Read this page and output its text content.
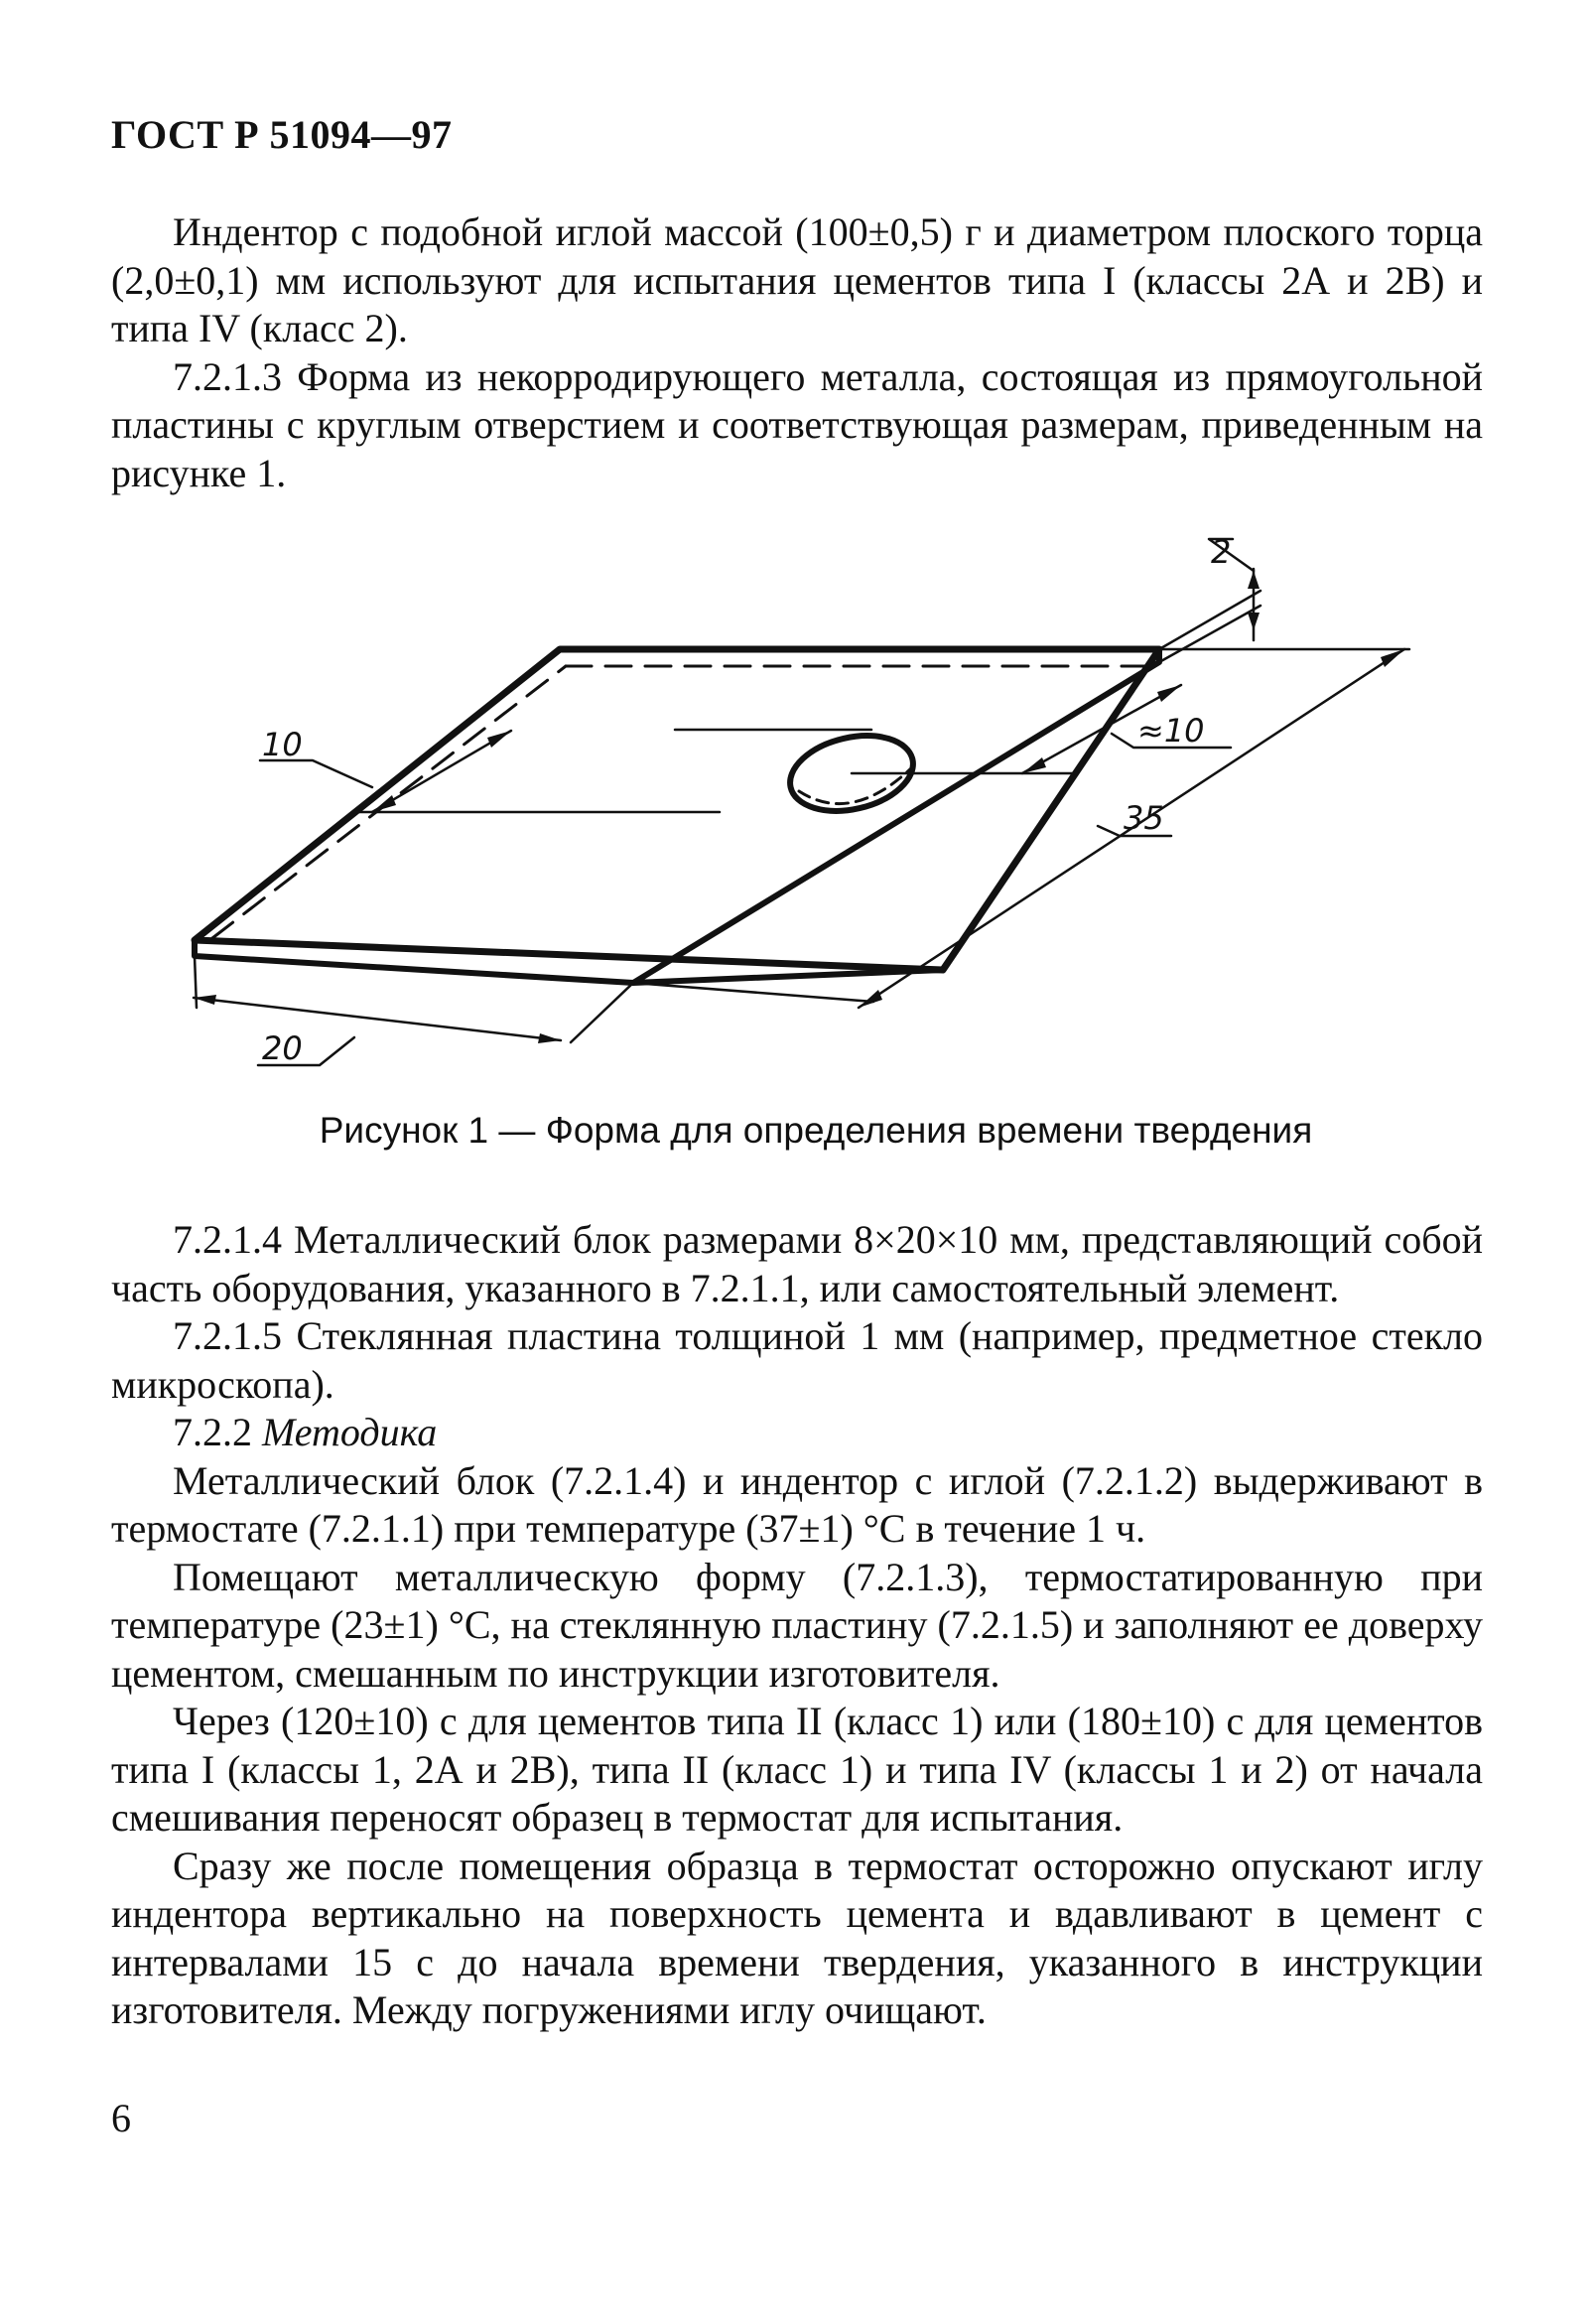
ГОСТ Р 51094—97

Индентор с подобной иглой массой (100±0,5) г и диаметром плоского торца (2,0±0,1) мм используют для испытания цементов типа I (классы 2А и 2В) и типа IV (класс 2).

7.2.1.3 Форма из некорродирующего металла, состоящая из прямоугольной пластины с круглым отверстием и соответствующая размерам, приведенным на рисунке 1.

2
10	≈10
35
20
Рисунок 1 — Форма для определения времени твердения

7.2.1.4 Металлический блок размерами 8×20×10 мм, представляющий собой часть оборудования, указанного в 7.2.1.1, или самостоятельный элемент.

7.2.1.5 Стеклянная пластина толщиной 1 мм (например, предметное стекло микроскопа).

7.2.2 Методика

Металлический блок (7.2.1.4) и индентор с иглой (7.2.1.2) выдерживают в термостате (7.2.1.1) при температуре (37±1) °С в течение 1 ч.

Помещают металлическую форму (7.2.1.3), термостатированную при температуре (23±1) °С, на стеклянную пластину (7.2.1.5) и заполняют ее доверху цементом, смешанным по инструкции изготовителя.

Через (120±10) с для цементов типа II (класс 1) или (180±10) с для цементов типа I (классы 1, 2А и 2В), типа II (класс 1) и типа IV (классы 1 и 2) от начала смешивания переносят образец в термостат для испытания.

Сразу же после помещения образца в термостат осторожно опускают иглу индентора вертикально на поверхность цемента и вдавливают в цемент с интервалами 15 с до начала времени твердения, указанного в инструкции изготовителя. Между погружениями иглу очищают.

6
